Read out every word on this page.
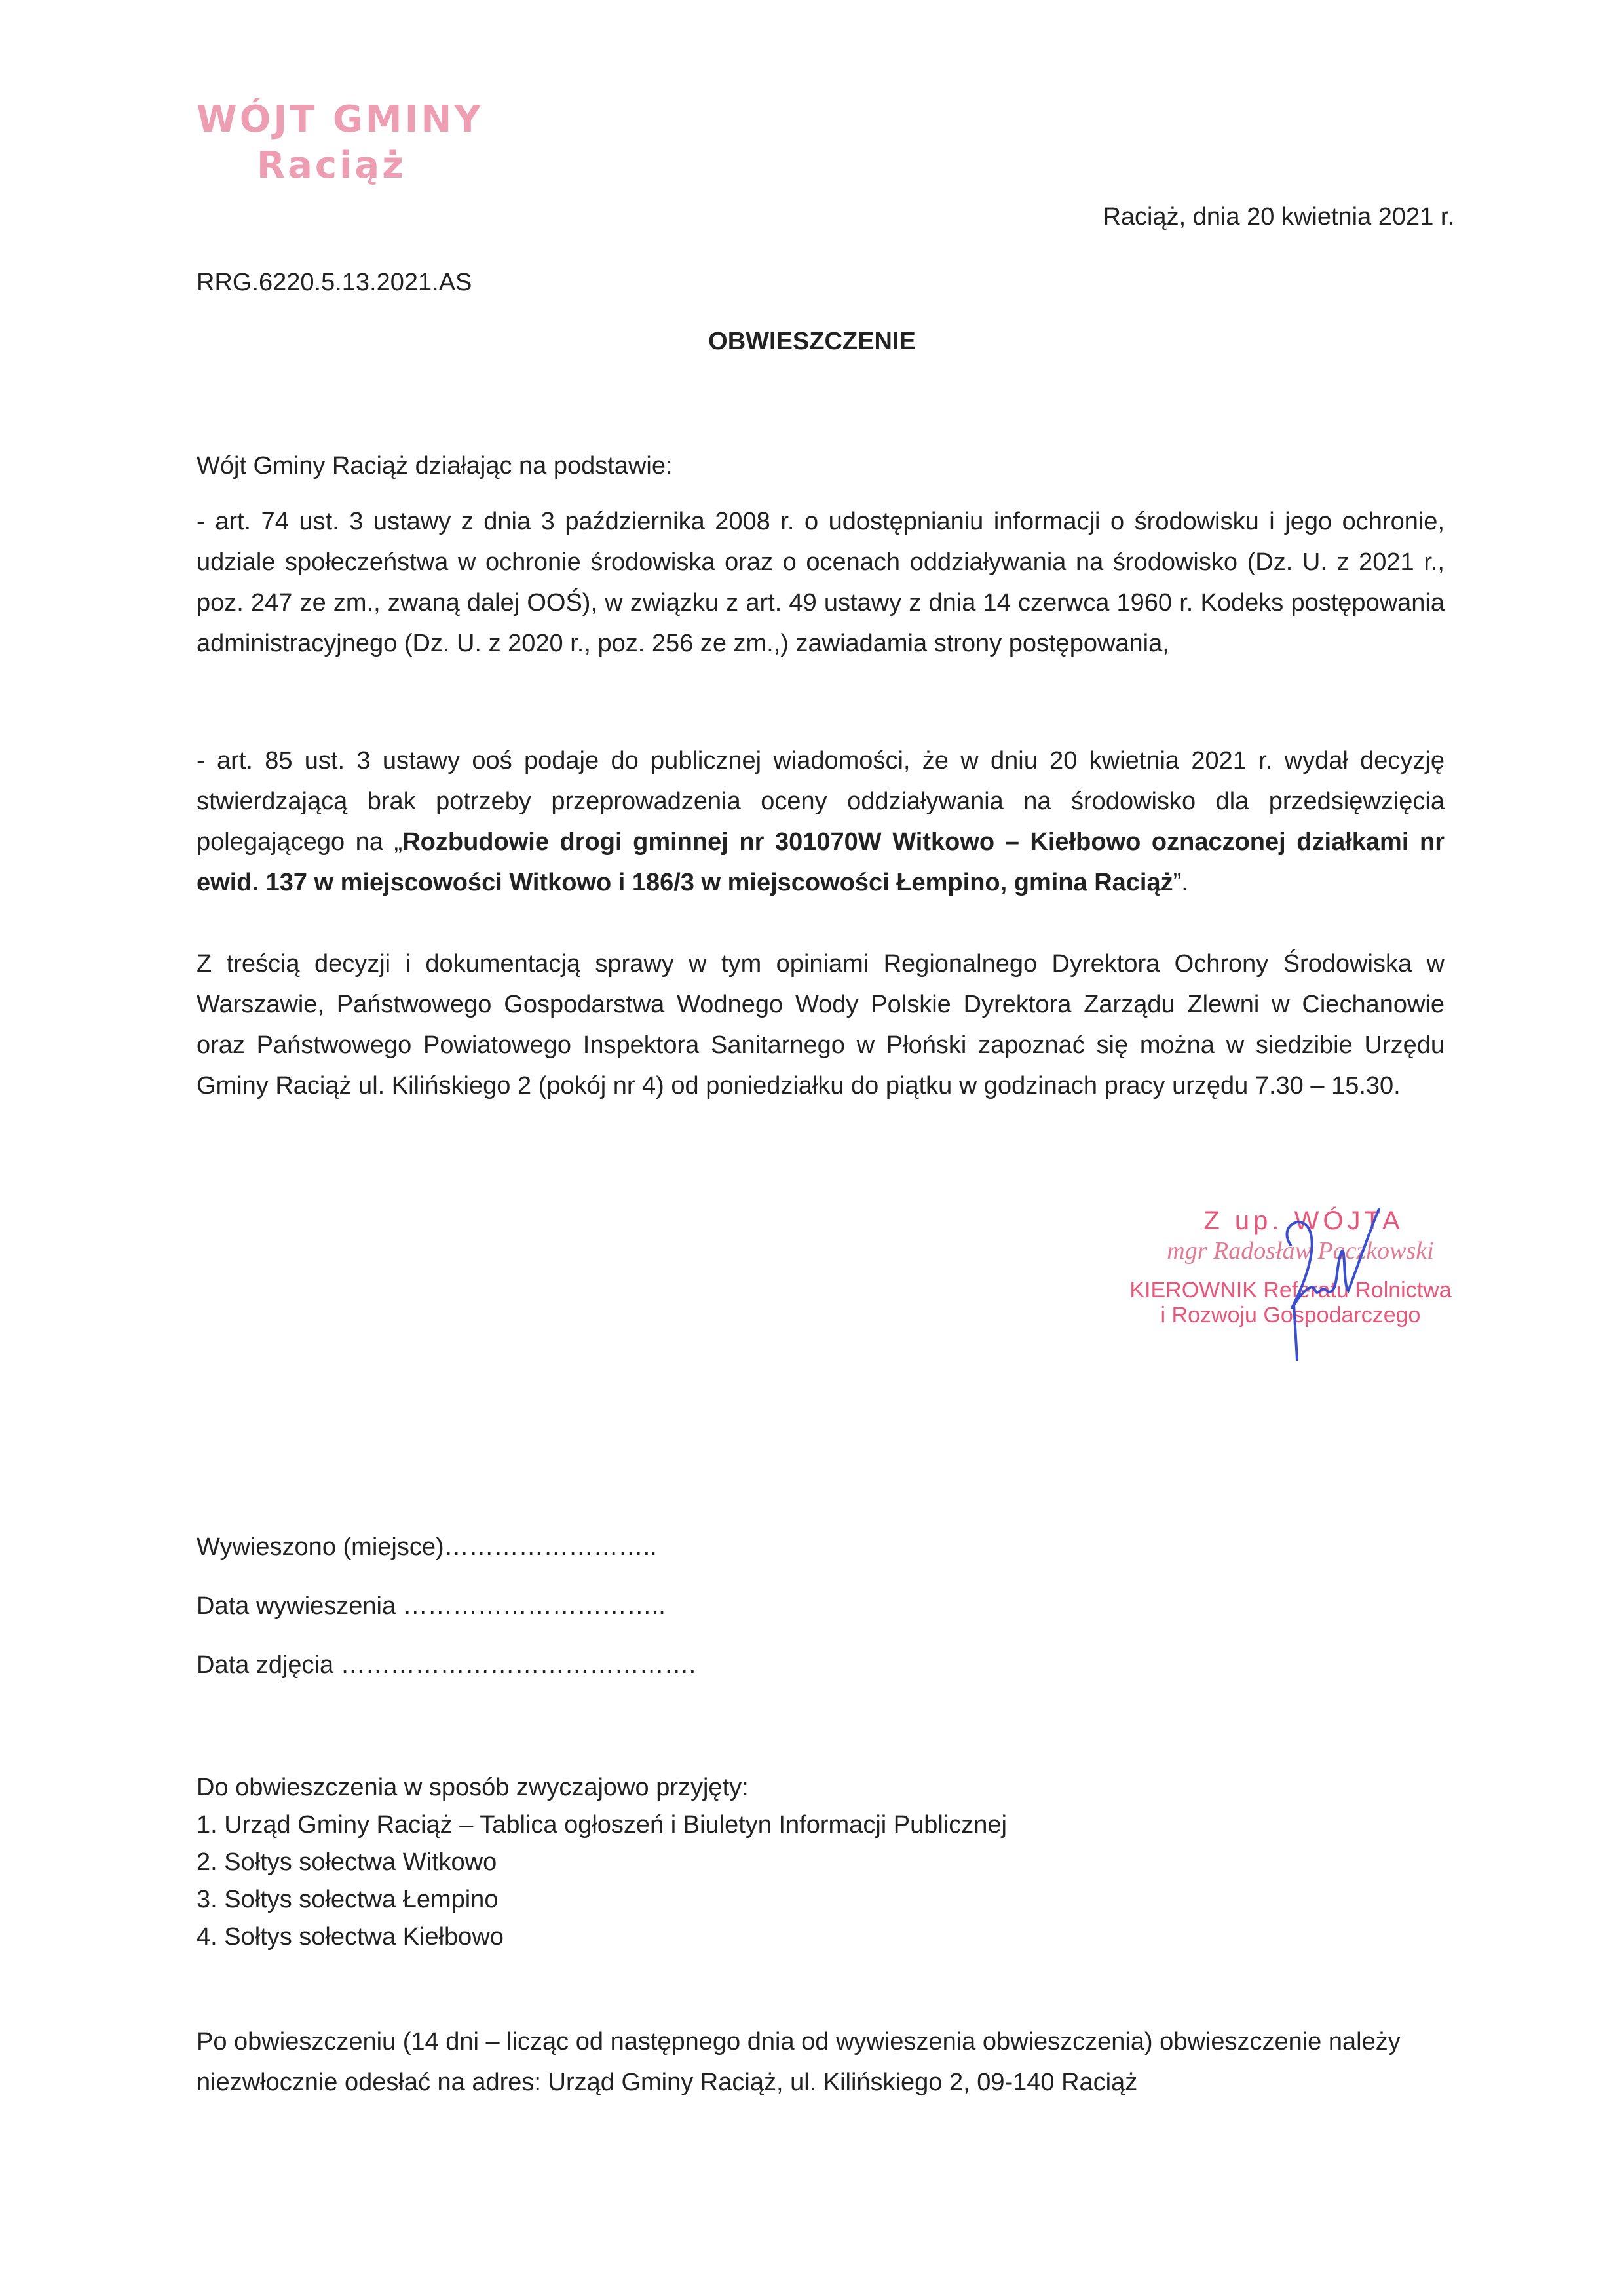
WÓJT GMINY
Raciąż
Raciąż, dnia 20 kwietnia 2021 r.
RRG.6220.5.13.2021.AS
OBWIESZCZENIE
Wójt Gminy Raciąż działając na podstawie:
- art. 74 ust. 3 ustawy z dnia 3 października 2008 r. o udostępnianiu informacji o środowisku i jego ochronie, udziale społeczeństwa w ochronie środowiska oraz o ocenach oddziaływania na środowisko (Dz. U. z 2021 r., poz. 247 ze zm., zwaną dalej OOŚ), w związku z art. 49 ustawy z dnia 14 czerwca 1960 r. Kodeks postępowania administracyjnego (Dz. U. z 2020 r., poz. 256 ze zm.,) zawiadamia strony postępowania,
- art. 85 ust. 3 ustawy ooś podaje do publicznej wiadomości, że w dniu 20 kwietnia 2021 r. wydał decyzję stwierdzającą brak potrzeby przeprowadzenia oceny oddziaływania na środowisko dla przedsięwzięcia polegającego na „Rozbudowie drogi gminnej nr 301070W Witkowo – Kiełbowo oznaczonej działkami nr ewid. 137 w miejscowości Witkowo i 186/3 w miejscowości Łempino, gmina Raciąż”.
Z treścią decyzji i dokumentacją sprawy w tym opiniami Regionalnego Dyrektora Ochrony Środowiska w Warszawie, Państwowego Gospodarstwa Wodnego Wody Polskie Dyrektora Zarządu Zlewni w Ciechanowie oraz Państwowego Powiatowego Inspektora Sanitarnego w Płoński zapoznać się można w siedzibie Urzędu Gminy Raciąż ul. Kilińskiego 2 (pokój nr 4) od poniedziałku do piątku w godzinach pracy urzędu 7.30 – 15.30.
Z up. WÓJTA
mgr Radosław Paczkowski
KIEROWNIK Referatu Rolnictwa
i Rozwoju Gospodarczego
Wywieszono (miejsce)……………………..
Data wywieszenia …………………………..
Data zdjęcia …………………………………….
Do obwieszczenia w sposób zwyczajowo przyjęty:
1. Urząd Gminy Raciąż – Tablica ogłoszeń i Biuletyn Informacji Publicznej
2. Sołtys sołectwa Witkowo
3. Sołtys sołectwa Łempino
4. Sołtys sołectwa Kiełbowo
Po obwieszczeniu (14 dni – licząc od następnego dnia od wywieszenia obwieszczenia) obwieszczenie należy niezwłocznie odesłać na adres: Urząd Gminy Raciąż, ul. Kilińskiego 2, 09-140 Raciąż
